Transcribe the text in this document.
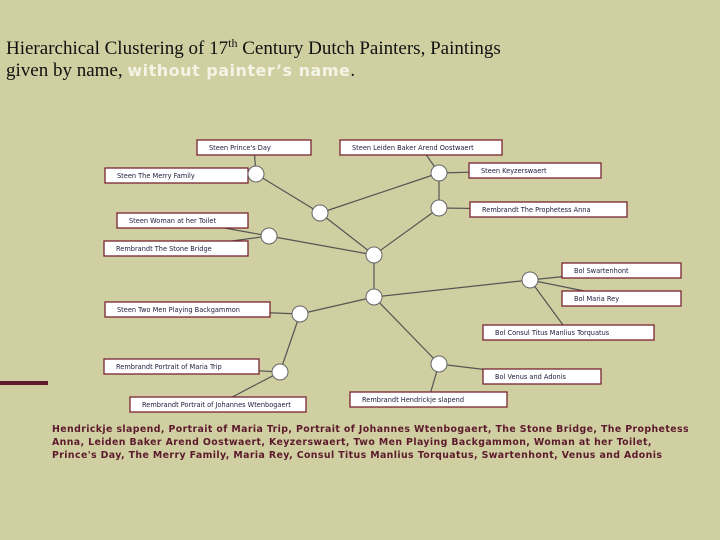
Hierarchical Clustering of 17th Century Dutch Painters, Paintings
given by name, without painter’s name.
Steen Prince's Day	Steen Leiden Baker Arend Oostwaert
Steen The Merry Family
Steen Keyzerswaert
Rembrandt The Prophetess Anna
Steen Woman at her Toilet
Rembrandt The Stone Bridge
Bol Swartenhont
Bol Maria Rey
Steen Two Men Playing Backgammon
Bol Consul Titus Manlius Torquatus
Rembrandt Portrait of Maria Trip
Bol Venus and Adonis
Rembrandt Hendrickje slapend
Rembrandt Portrait of Johannes Wtenbogaert
Hendrickje slapend, Portrait of Maria Trip, Portrait of Johannes Wtenbogaert, The Stone Bridge, The Prophetess Anna, Leiden Baker Arend Oostwaert, Keyzerswaert, Two Men Playing Backgammon, Woman at her Toilet, Prince's Day, The Merry Family, Maria Rey, Consul Titus Manlius Torquatus, Swartenhont, Venus and Adonis
